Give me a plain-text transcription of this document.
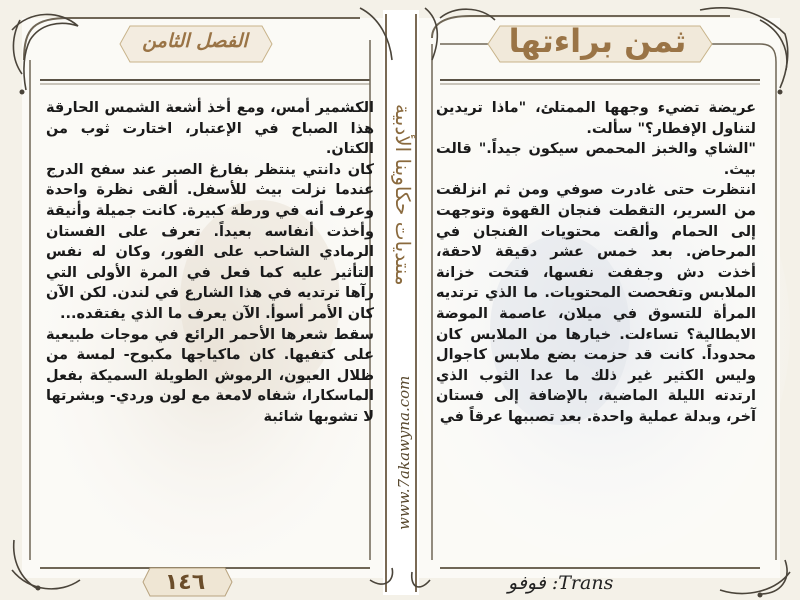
ثمن براءتها
الفصل الثامن

عريضة تضيء وجهها الممتلئ، "ماذا تريدين لتناول الإفطار؟" سألت.

"الشاي والخبز المحمص سيكون جيداً." قالت بيث.

انتظرت حتى غادرت صوفي ومن ثم انزلقت من السرير، التقطت فنجان القهوة وتوجهت إلى الحمام وألقت محتويات الفنجان في المرحاض. بعد خمس عشر دقيقة لاحقة، أخذت دش وجففت نفسها، فتحت خزانة الملابس وتفحصت المحتويات. ما الذي ترتديه المرأة للتسوق في ميلان، عاصمة الموضة الايطالية؟ تساءلت. خيارها من الملابس كان محدوداً. كانت قد حزمت بضع ملابس كاجوال وليس الكثير غير ذلك ما عدا الثوب الذي ارتدته الليلة الماضية، بالإضافة إلى فستان آخر، وبدلة عملية واحدة. بعد تصببها عرقاً في

الكشمير أمس، ومع أخذ أشعة الشمس الحارقة هذا الصباح في الإعتبار، اختارت ثوب من الكتان.

كان دانتي ينتظر بفارغ الصبر عند سفح الدرج عندما نزلت بيث للأسفل. ألقى نظرة واحدة وعرف أنه في ورطة كبيرة. كانت جميلة وأنيقة وأخذت أنفاسه بعيداً. تعرف على الفستان الرمادي الشاحب على الفور، وكان له نفس التأثير عليه كما فعل في المرة الأولى التي رآها ترتديه في هذا الشارع في لندن. لكن الآن كان الأمر أسوأ. الآن يعرف ما الذي يفتقده...

سقط شعرها الأحمر الرائع في موجات طبيعية على كتفيها. كان ماكياجها مكبوح- لمسة من ظلال العيون، الرموش الطويلة السميكة بفعل الماسكارا، شفاه لامعة مع لون وردي- وبشرتها لا تشوبها شائبة

منتديات حكاوينا الأدبية
www.7akawyna.com
١٤٦	Trans: فوفو
